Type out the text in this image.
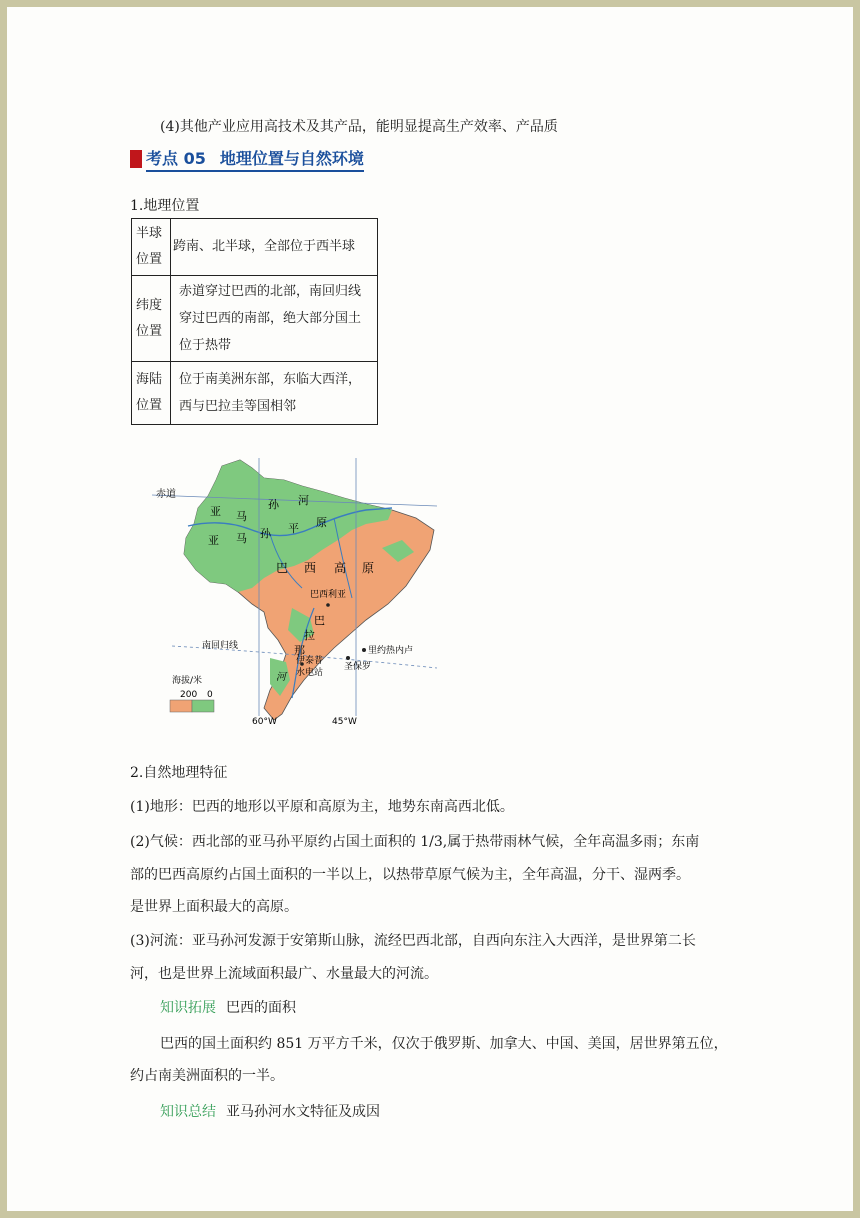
(4)其他产业应用高技术及其产品，能明显提高生产效率、产品质
考点 05 地理位置与自然环境
1.地理位置
半球位置	跨南、北半球，全部位于西半球

纬度位置	赤道穿过巴西的北部，南回归线穿过巴西的南部，绝大部分国土位于热带

海陆位置	位于南美洲东部，东临大西洋，西与巴拉圭等国相邻
赤道
南回归线
60°W	45°W
亚 马
孙 河
亚 马 孙 平 原
巴 西 高 原
巴西利亚
巴
拉
那
河
里约热内卢
圣保罗
伊泰普
水电站
海拔/米
200 0
2.自然地理特征
(1)地形：巴西的地形以平原和高原为主，地势东南高西北低。
(2)气候：西北部的亚马孙平原约占国土面积的 1/3,属于热带雨林气候，全年高温多雨；东南
部的巴西高原约占国土面积的一半以上，以热带草原气候为主，全年高温，分干、湿两季。
是世界上面积最大的高原。
(3)河流：亚马孙河发源于安第斯山脉，流经巴西北部，自西向东注入大西洋，是世界第二长
河，也是世界上流域面积最广、水量最大的河流。
知识拓展 巴西的面积
巴西的国土面积约 851 万平方千米，仅次于俄罗斯、加拿大、中国、美国，居世界第五位，
约占南美洲面积的一半。
知识总结 亚马孙河水文特征及成因
